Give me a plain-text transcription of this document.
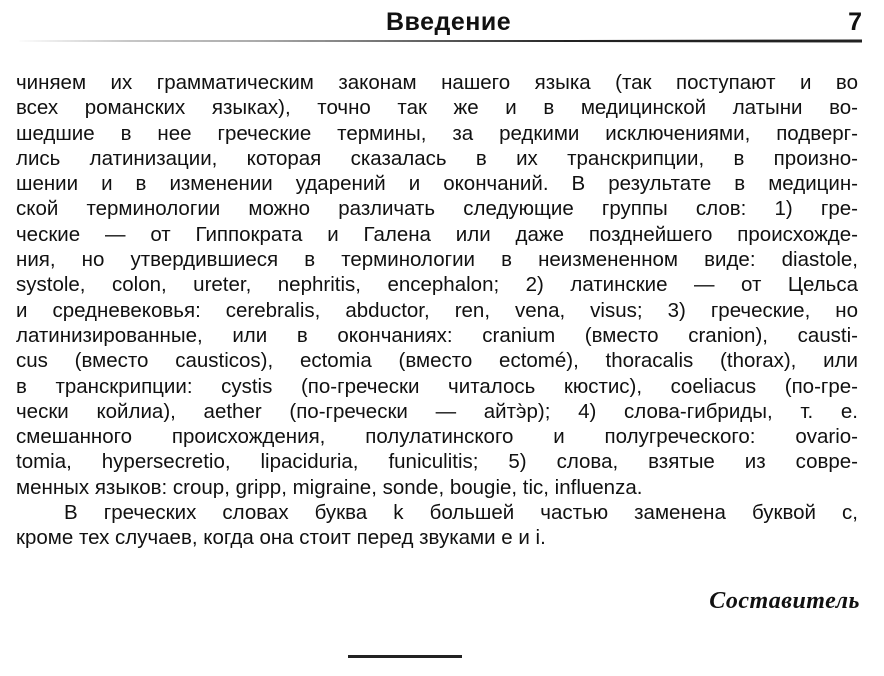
Введение	7
чиняем их грамматическим законам нашего языка (так поступают и во
всех романских языках), точно так же и в медицинской латыни во-
шедшие в нее греческие термины, за редкими исключениями, подверг-
лись латинизации, которая сказалась в их транскрипции, в произно-
шении и в изменении ударений и окончаний. В результате в медицин-
ской терминологии можно различать следующие группы слов: 1) гре-
ческие — от Гиппократа и Галена или даже позднейшего происхожде-
ния, но утвердившиеся в терминологии в неизмененном виде: diastole,
systole, colon, ureter, nephritis, encephalon; 2) латинские — от Цельса
и средневековья: cerebralis, abductor, ren, vena, visus; 3) греческие, но
латинизированные, или в окончаниях: cranium (вместо cranion), causti-
cus (вместо causticos), ectomia (вместо ectomé), thoracalis (thorax), или
в транскрипции: cystis (по-гречески читалось кюстис), coeliacus (по-гре-
чески койлиа), aether (по-гречески — айтэ̀р); 4) слова-гибриды, т. е.
смешанного происхождения, полулатинского и полугреческого: ovario-
tomia, hypersecretio, lipaciduria, funiculitis; 5) слова, взятые из совре-
менных языков: croup, gripp, migraine, sonde, bougie, tic, influenza.
В греческих словах буква k большей частью заменена буквой c,
кроме тех случаев, когда она стоит перед звуками e и i.
Составитель
